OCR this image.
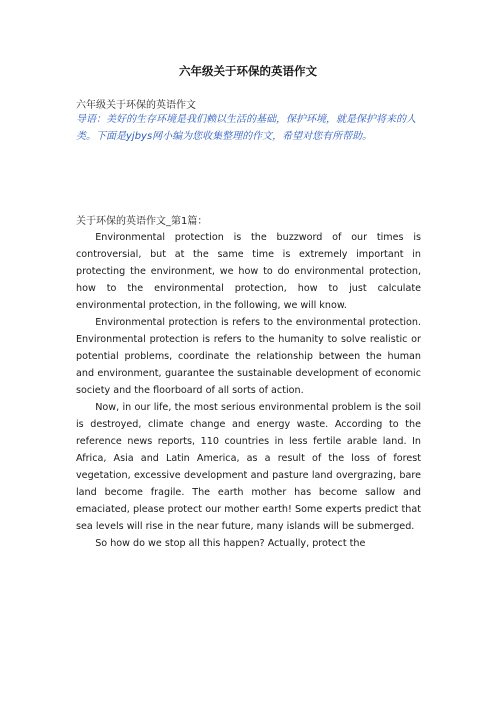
六年级关于环保的英语作文
六年级关于环保的英语作文
导语：美好的生存环境是我们赖以生活的基础，保护环境，就是保护将来的人类。下面是yjbys网小编为您收集整理的作文，希望对您有所帮助。
关于环保的英语作文_第1篇：

Environmental protection is the buzzword of our times is controversial, but at the same time is extremely important in protecting the environment, we how to do environmental protection, how to the environmental protection, how to just calculate environmental protection, in the following, we will know.

Environmental protection is refers to the environmental protection. Environmental protection is refers to the humanity to solve realistic or potential problems, coordinate the relationship between the human and environment, guarantee the sustainable development of economic society and the floorboard of all sorts of action.

Now, in our life, the most serious environmental problem is the soil is destroyed, climate change and energy waste. According to the reference news reports, 110 countries in less fertile arable land. In Africa, Asia and Latin America, as a result of the loss of forest vegetation, excessive development and pasture land overgrazing, bare land become fragile. The earth mother has become sallow and emaciated, please protect our mother earth! Some experts predict that sea levels will rise in the near future, many islands will be submerged.

So how do we stop all this happen? Actually, protect the
